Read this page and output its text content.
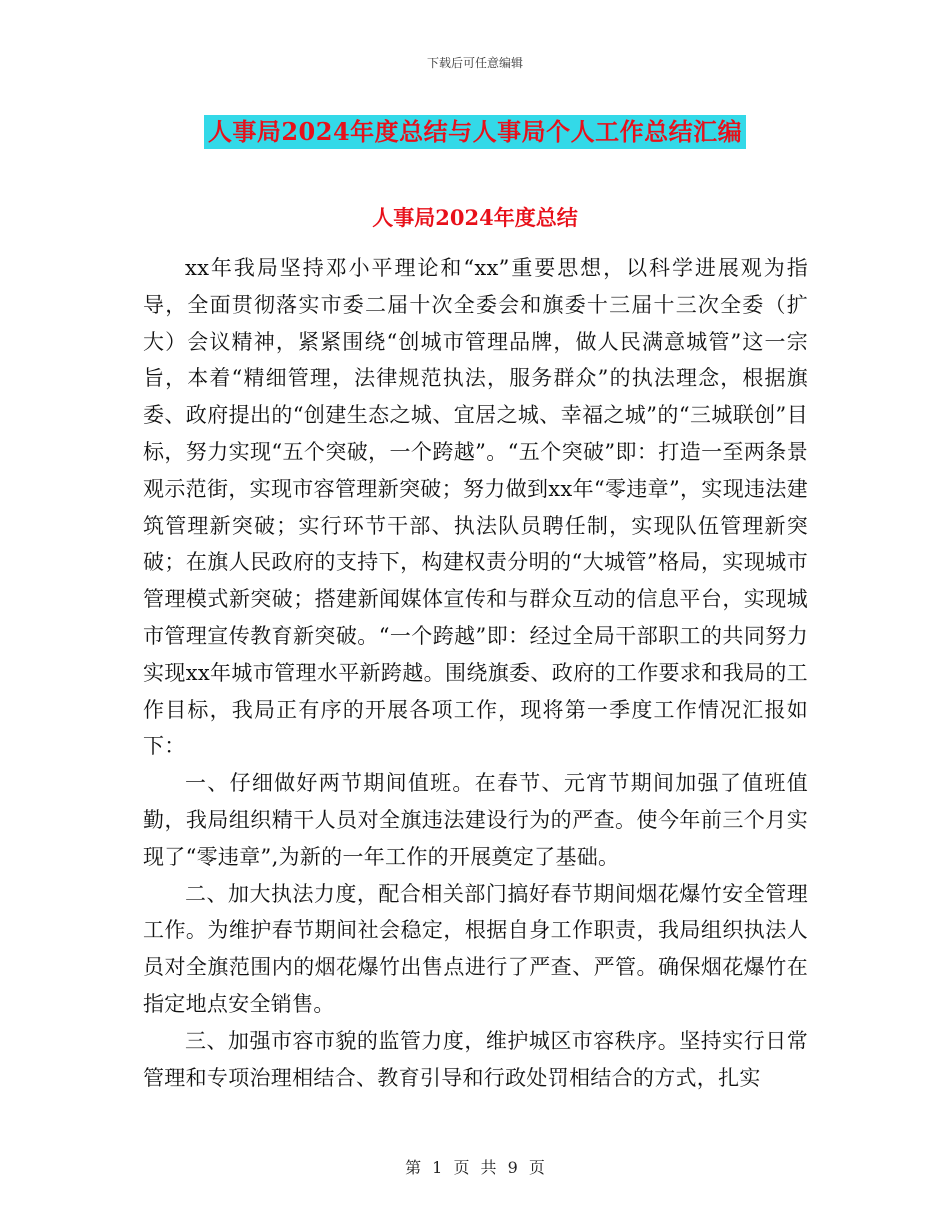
下载后可任意编辑
人事局2024年度总结与人事局个人工作总结汇编
人事局2024年度总结

xx年我局坚持邓小平理论和“xx”重要思想，以科学进展观为指导，全面贯彻落实市委二届十次全委会和旗委十三届十三次全委（扩大）会议精神，紧紧围绕“创城市管理品牌，做人民满意城管”这一宗旨，本着“精细管理，法律规范执法，服务群众”的执法理念，根据旗委、政府提出的“创建生态之城、宜居之城、幸福之城”的“三城联创”目标，努力实现“五个突破，一个跨越”。“五个突破”即：打造一至两条景观示范街，实现市容管理新突破；努力做到xx年“零违章”，实现违法建筑管理新突破；实行环节干部、执法队员聘任制，实现队伍管理新突破；在旗人民政府的支持下，构建权责分明的“大城管”格局，实现城市管理模式新突破；搭建新闻媒体宣传和与群众互动的信息平台，实现城市管理宣传教育新突破。“一个跨越”即：经过全局干部职工的共同努力实现xx年城市管理水平新跨越。围绕旗委、政府的工作要求和我局的工作目标，我局正有序的开展各项工作，现将第一季度工作情况汇报如下：

一、仔细做好两节期间值班。在春节、元宵节期间加强了值班值勤，我局组织精干人员对全旗违法建设行为的严查。使今年前三个月实现了“零违章”,为新的一年工作的开展奠定了基础。

二、加大执法力度，配合相关部门搞好春节期间烟花爆竹安全管理工作。为维护春节期间社会稳定，根据自身工作职责，我局组织执法人员对全旗范围内的烟花爆竹出售点进行了严查、严管。确保烟花爆竹在指定地点安全销售。

三、加强市容市貌的监管力度，维护城区市容秩序。坚持实行日常管理和专项治理相结合、教育引导和行政处罚相结合的方式，扎实

第 1 页 共 9 页
